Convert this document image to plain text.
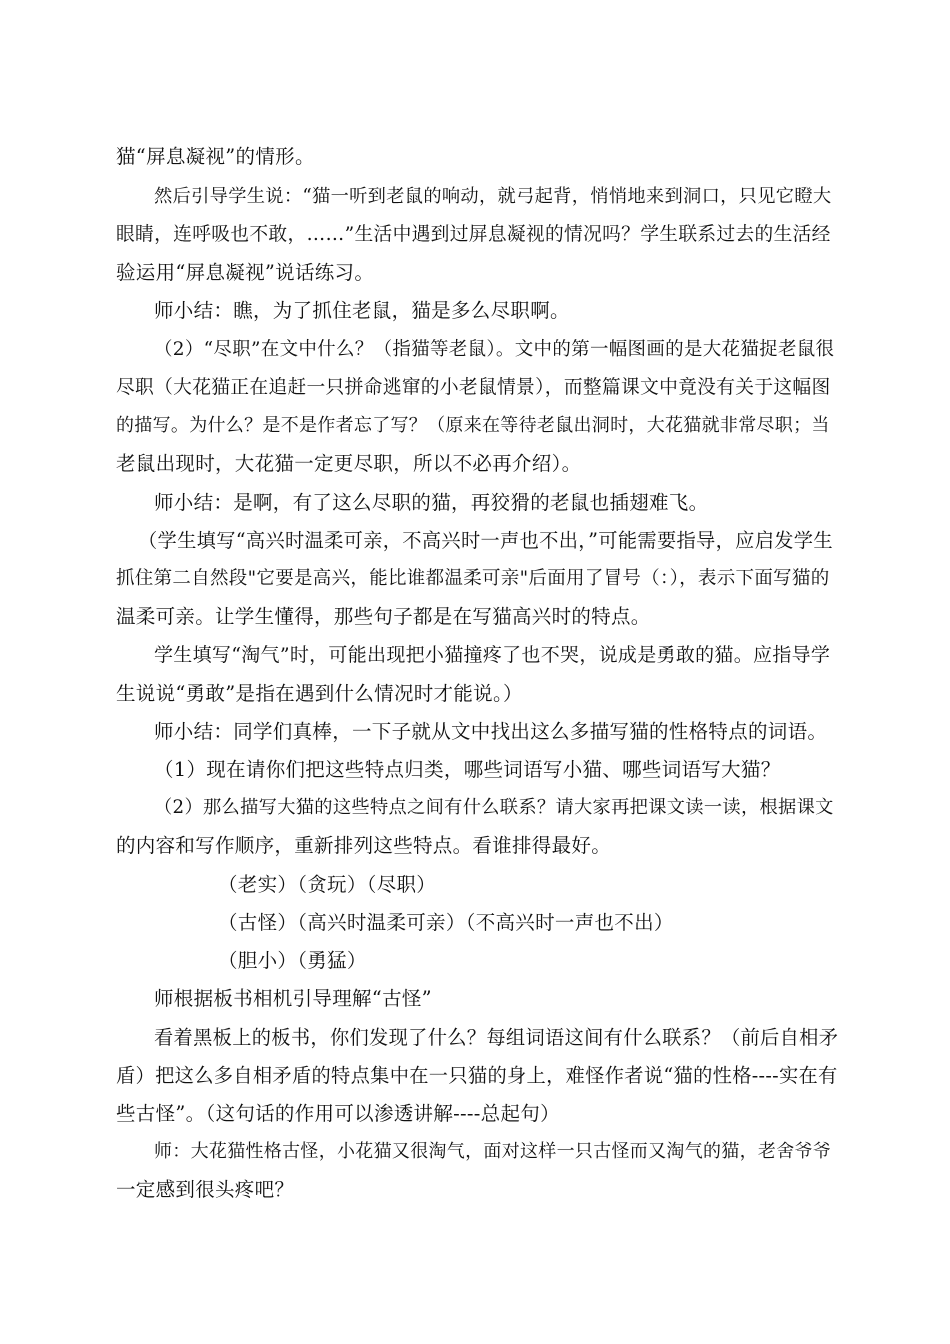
猫“屏息凝视”的情形。
然后引导学生说：“猫一听到老鼠的响动，就弓起背，悄悄地来到洞口，只见它瞪大
眼睛，连呼吸也不敢，……”生活中遇到过屏息凝视的情况吗？学生联系过去的生活经
验运用“屏息凝视”说话练习。
师小结：瞧，为了抓住老鼠，猫是多么尽职啊。
（2）“尽职”在文中什么？（指猫等老鼠）。文中的第一幅图画的是大花猫捉老鼠很
尽职（大花猫正在追赶一只拼命逃窜的小老鼠情景），而整篇课文中竟没有关于这幅图
的描写。为什么？是不是作者忘了写？（原来在等待老鼠出洞时，大花猫就非常尽职；当
老鼠出现时，大花猫一定更尽职，所以不必再介绍）。
师小结：是啊，有了这么尽职的猫，再狡猾的老鼠也插翅难飞。
（学生填写“高兴时温柔可亲，不高兴时一声也不出，”可能需要指导，应启发学生
抓住第二自然段"它要是高兴，能比谁都温柔可亲"后面用了冒号（：），表示下面写猫的
温柔可亲。让学生懂得，那些句子都是在写猫高兴时的特点。
学生填写“淘气”时，可能出现把小猫撞疼了也不哭，说成是勇敢的猫。应指导学
生说说“勇敢”是指在遇到什么情况时才能说。）
师小结：同学们真棒，一下子就从文中找出这么多描写猫的性格特点的词语。
（1）现在请你们把这些特点归类，哪些词语写小猫、哪些词语写大猫？
（2）那么描写大猫的这些特点之间有什么联系？请大家再把课文读一读，根据课文
的内容和写作顺序，重新排列这些特点。看谁排得最好。
（老实）（贪玩）（尽职）
（古怪）（高兴时温柔可亲）（不高兴时一声也不出）
（胆小）（勇猛）
师根据板书相机引导理解“古怪”
看着黑板上的板书，你们发现了什么？每组词语这间有什么联系？（前后自相矛
盾）把这么多自相矛盾的特点集中在一只猫的身上，难怪作者说“猫的性格----实在有
些古怪”。（这句话的作用可以渗透讲解----总起句）
师：大花猫性格古怪，小花猫又很淘气，面对这样一只古怪而又淘气的猫，老舍爷爷
一定感到很头疼吧？
